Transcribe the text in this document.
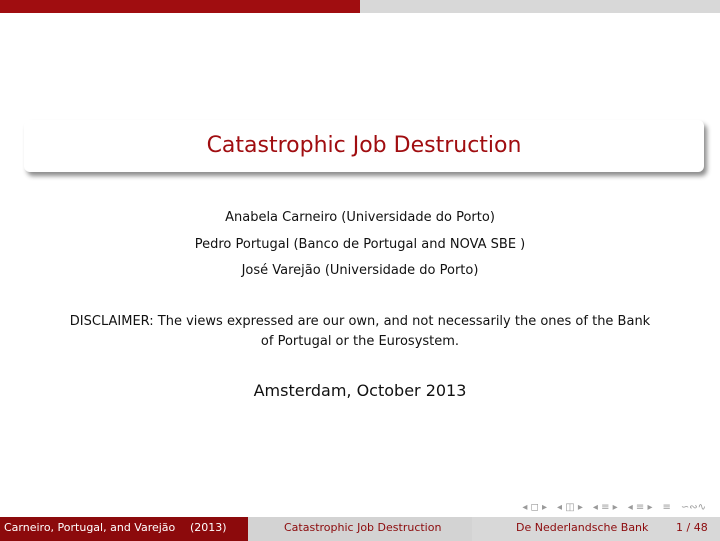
Catastrophic Job Destruction
Anabela Carneiro (Universidade do Porto)
Pedro Portugal (Banco de Portugal and NOVA SBE )
José Varejão (Universidade do Porto)
DISCLAIMER: The views expressed are our own, and not necessarily the ones of the Bank
of Portugal or the Eurosystem.
Amsterdam, October 2013
◂ ◻ ▸ ◂ ◫ ▸ ◂ ≡ ▸ ◂ ≡ ▸ ≡ ∽∾∿
Carneiro, Portugal, and Varejão (2013)	Catastrophic Job Destruction	De Nederlandsche Bank	1 / 48
